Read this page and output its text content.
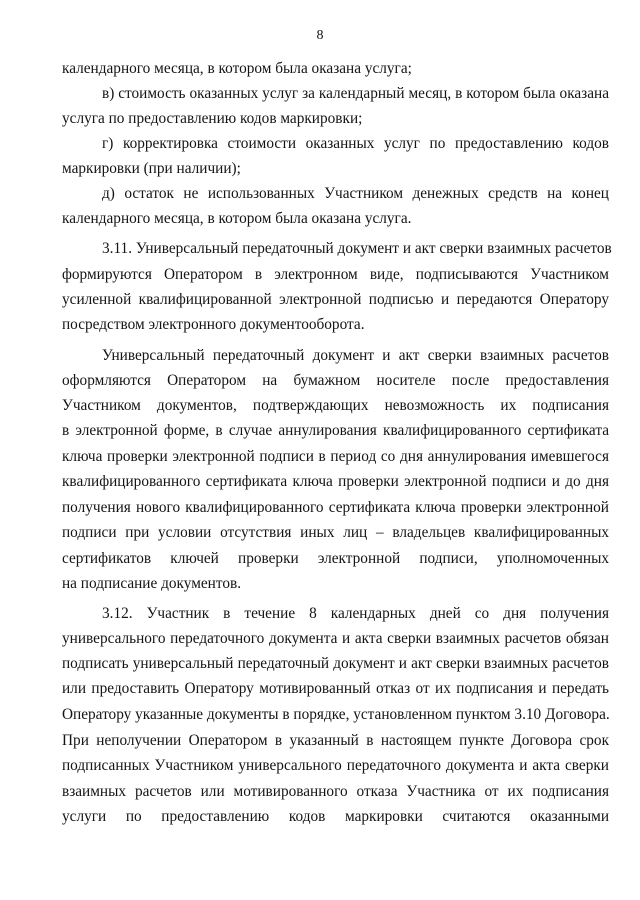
8
календарного месяца, в котором была оказана услуга;
в) стоимость оказанных услуг за календарный месяц, в котором была оказана
услуга по предоставлению кодов маркировки;
г) корректировка стоимости оказанных услуг по предоставлению кодов
маркировки (при наличии);
д) остаток не использованных Участником денежных средств на конец
календарного месяца, в котором была оказана услуга.
3.11. Универсальный передаточный документ и акт сверки взаимных расчетов
формируются Оператором в электронном виде, подписываются Участником
усиленной квалифицированной электронной подписью и передаются Оператору
посредством электронного документооборота.
Универсальный передаточный документ и акт сверки взаимных расчетов
оформляются Оператором на бумажном носителе после предоставления
Участником документов, подтверждающих невозможность их подписания
в электронной форме, в случае аннулирования квалифицированного сертификата
ключа проверки электронной подписи в период со дня аннулирования имевшегося
квалифицированного сертификата ключа проверки электронной подписи и до дня
получения нового квалифицированного сертификата ключа проверки электронной
подписи при условии отсутствия иных лиц – владельцев квалифицированных
сертификатов ключей проверки электронной подписи, уполномоченных
на подписание документов.
3.12. Участник в течение 8 календарных дней со дня получения
универсального передаточного документа и акта сверки взаимных расчетов обязан
подписать универсальный передаточный документ и акт сверки взаимных расчетов
или предоставить Оператору мотивированный отказ от их подписания и передать
Оператору указанные документы в порядке, установленном пунктом 3.10 Договора.
При неполучении Оператором в указанный в настоящем пункте Договора срок
подписанных Участником универсального передаточного документа и акта сверки
взаимных расчетов или мотивированного отказа Участника от их подписания
услуги по предоставлению кодов маркировки считаются оказанными
